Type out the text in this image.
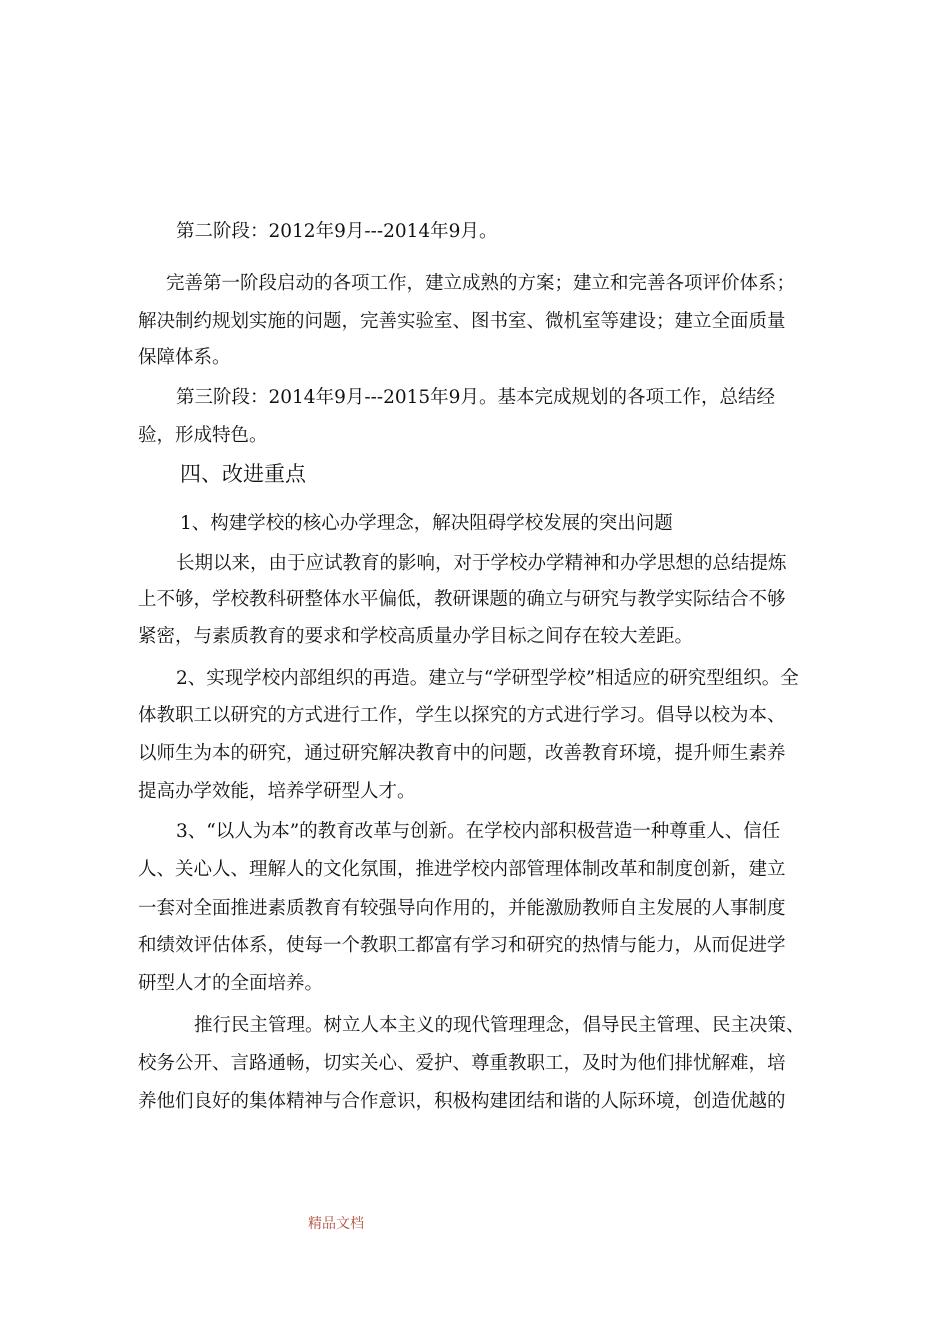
第二阶段：2012年9月---2014年9月。

完善第一阶段启动的各项工作，建立成熟的方案；建立和完善各项评价体系；

解决制约规划实施的问题，完善实验室、图书室、微机室等建设；建立全面质量

保障体系。

第三阶段：2014年9月---2015年9月。基本完成规划的各项工作，总结经

验，形成特色。

四、改进重点

1、构建学校的核心办学理念，解决阻碍学校发展的突出问题

长期以来，由于应试教育的影响，对于学校办学精神和办学思想的总结提炼

上不够，学校教科研整体水平偏低，教研课题的确立与研究与教学实际结合不够

紧密，与素质教育的要求和学校高质量办学目标之间存在较大差距。

2、实现学校内部组织的再造。建立与“学研型学校”相适应的研究型组织。全

体教职工以研究的方式进行工作，学生以探究的方式进行学习。倡导以校为本、

以师生为本的研究，通过研究解决教育中的问题，改善教育环境，提升师生素养

提高办学效能，培养学研型人才。

3、“以人为本”的教育改革与创新。在学校内部积极营造一种尊重人、信任

人、关心人、理解人的文化氛围，推进学校内部管理体制改革和制度创新，建立

一套对全面推进素质教育有较强导向作用的，并能激励教师自主发展的人事制度

和绩效评估体系，使每一个教职工都富有学习和研究的热情与能力，从而促进学

研型人才的全面培养。

推行民主管理。树立人本主义的现代管理理念，倡导民主管理、民主决策、

校务公开、言路通畅，切实关心、爱护、尊重教职工，及时为他们排忧解难，培

养他们良好的集体精神与合作意识，积极构建团结和谐的人际环境，创造优越的

精品文档
